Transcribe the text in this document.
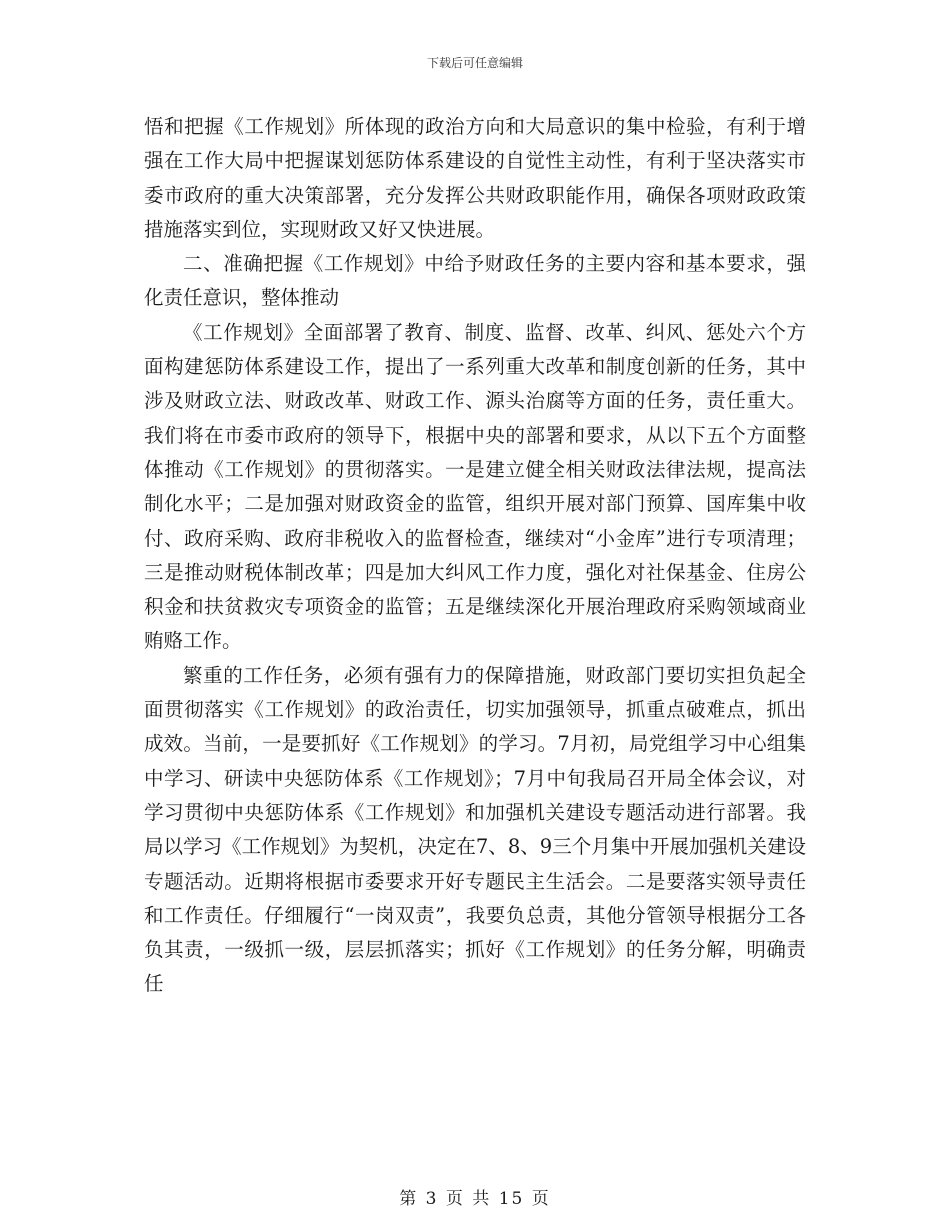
下载后可任意编辑

悟和把握《工作规划》所体现的政治方向和大局意识的集中检验，有利于增强在工作大局中把握谋划惩防体系建设的自觉性主动性，有利于坚决落实市委市政府的重大决策部署，充分发挥公共财政职能作用，确保各项财政政策措施落实到位，实现财政又好又快进展。

二、准确把握《工作规划》中给予财政任务的主要内容和基本要求，强化责任意识，整体推动

《工作规划》全面部署了教育、制度、监督、改革、纠风、惩处六个方面构建惩防体系建设工作，提出了一系列重大改革和制度创新的任务，其中涉及财政立法、财政改革、财政工作、源头治腐等方面的任务，责任重大。我们将在市委市政府的领导下，根据中央的部署和要求，从以下五个方面整体推动《工作规划》的贯彻落实。一是建立健全相关财政法律法规，提高法制化水平；二是加强对财政资金的监管，组织开展对部门预算、国库集中收付、政府采购、政府非税收入的监督检查，继续对“小金库”进行专项清理；三是推动财税体制改革；四是加大纠风工作力度，强化对社保基金、住房公积金和扶贫救灾专项资金的监管；五是继续深化开展治理政府采购领域商业贿赂工作。

繁重的工作任务，必须有强有力的保障措施，财政部门要切实担负起全面贯彻落实《工作规划》的政治责任，切实加强领导，抓重点破难点，抓出成效。当前，一是要抓好《工作规划》的学习。7月初，局党组学习中心组集中学习、研读中央惩防体系《工作规划》；7月中旬我局召开局全体会议，对学习贯彻中央惩防体系《工作规划》和加强机关建设专题活动进行部署。我局以学习《工作规划》为契机，决定在7、8、9三个月集中开展加强机关建设专题活动。近期将根据市委要求开好专题民主生活会。二是要落实领导责任和工作责任。仔细履行“一岗双责”，我要负总责，其他分管领导根据分工各负其责，一级抓一级，层层抓落实；抓好《工作规划》的任务分解，明确责任

第 3 页 共 15 页
